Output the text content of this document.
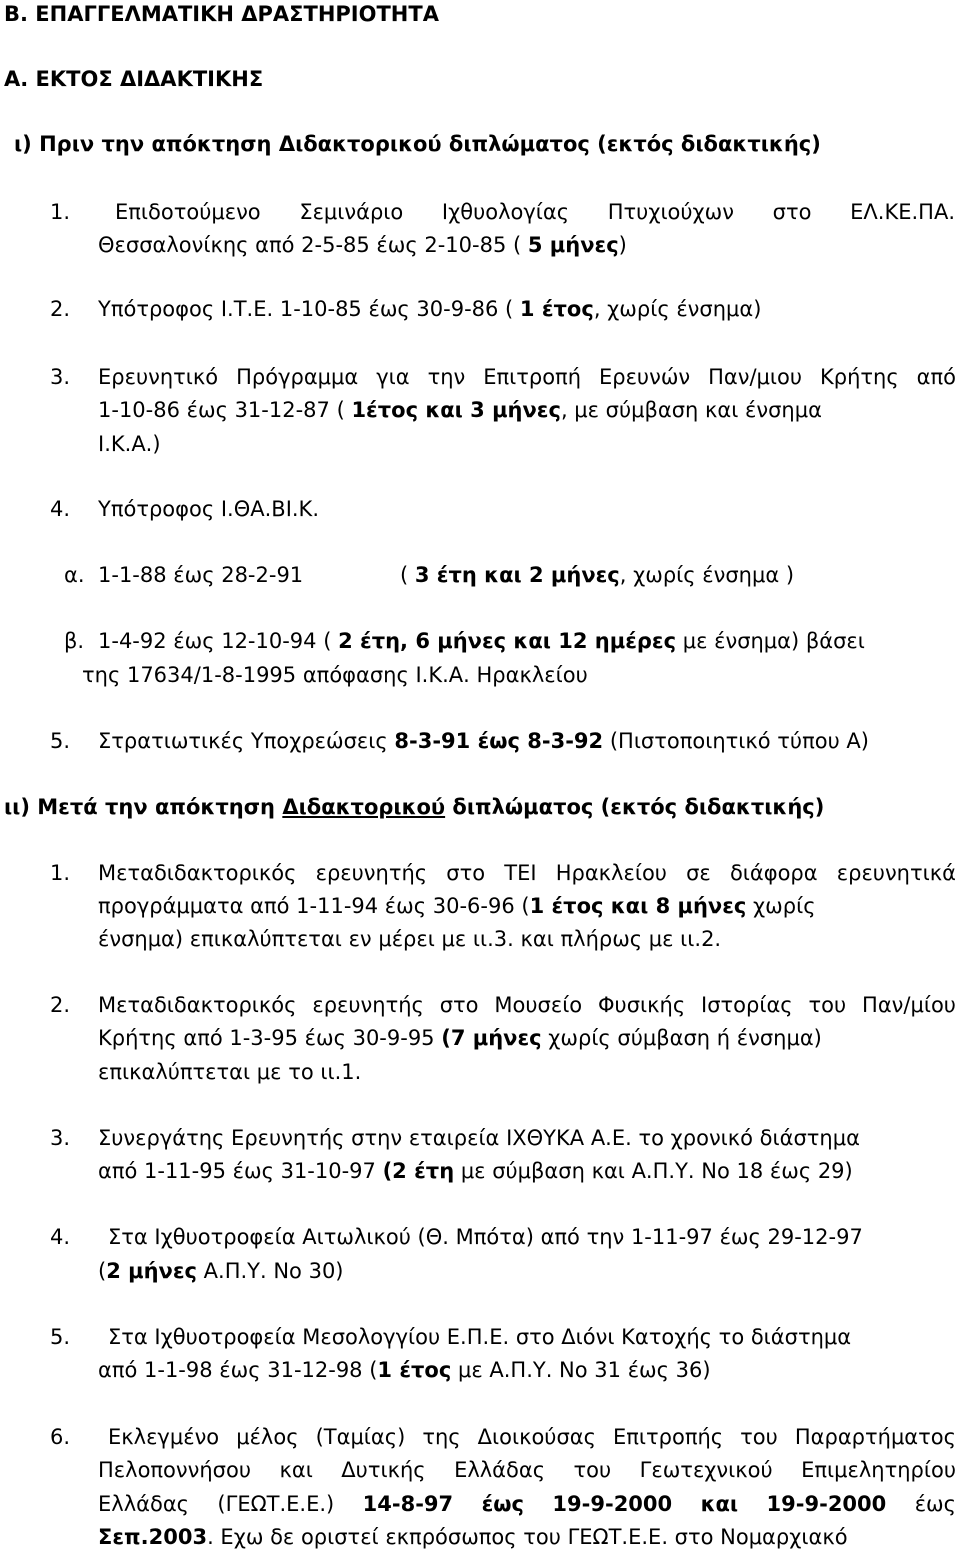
Β. ΕΠΑΓΓΕΛΜΑΤΙΚΗ ΔΡΑΣΤΗΡΙΟΤΗΤΑ
Α. ΕΚΤΟΣ ΔΙΔΑΚΤΙΚΗΣ
ι) Πριν την απόκτηση Διδακτορικού διπλώματος (εκτός διδακτικής)
1. Επιδοτούμενο Σεμινάριο Ιχθυολογίας Πτυχιούχων στο ΕΛ.ΚΕ.ΠΑ.
Θεσσαλονίκης από 2-5-85 έως 2-10-85 ( 5 μήνες)
2. Υπότροφος Ι.Τ.Ε. 1-10-85 έως 30-9-86 ( 1 έτος, χωρίς ένσημα)
3. Ερευνητικό Πρόγραμμα για την Επιτροπή Ερευνών Παν/μιου Κρήτης από
1-10-86 έως 31-12-87 ( 1έτος και 3 μήνες, με σύμβαση και ένσημα
Ι.Κ.Α.)
4. Υπότροφος Ι.ΘΑ.ΒΙ.Κ.
α. 1-1-88 έως 28-2-91	( 3 έτη και 2 μήνες, χωρίς ένσημα )
β. 1-4-92 έως 12-10-94 ( 2 έτη, 6 μήνες και 12 ημέρες με ένσημα) βάσει
της 17634/1-8-1995 απόφασης Ι.Κ.Α. Ηρακλείου
5. Στρατιωτικές Υποχρεώσεις 8-3-91 έως 8-3-92 (Πιστοποιητικό τύπου Α)
ιι) Μετά την απόκτηση Διδακτορικού διπλώματος (εκτός διδακτικής)
1. Μεταδιδακτορικός ερευνητής στο ΤΕΙ Ηρακλείου σε διάφορα ερευνητικά
προγράμματα από 1-11-94 έως 30-6-96 (1 έτος και 8 μήνες χωρίς
ένσημα) επικαλύπτεται εν μέρει με ιι.3. και πλήρως με ιι.2.
2. Μεταδιδακτορικός ερευνητής στο Μουσείο Φυσικής Ιστορίας του Παν/μίου
Κρήτης από 1-3-95 έως 30-9-95 (7 μήνες χωρίς σύμβαση ή ένσημα)
επικαλύπτεται με το ιι.1.
3. Συνεργάτης Ερευνητής στην εταιρεία ΙΧΘΥΚΑ Α.Ε. το χρονικό διάστημα
από 1-11-95 έως 31-10-97 (2 έτη με σύμβαση και Α.Π.Υ. Νο 18 έως 29)
4. Στα Ιχθυοτροφεία Αιτωλικού (Θ. Μπότα) από την 1-11-97 έως 29-12-97
(2 μήνες Α.Π.Υ. Νο 30)
5. Στα Ιχθυοτροφεία Μεσολογγίου Ε.Π.Ε. στο Διόνι Κατοχής το διάστημα
από 1-1-98 έως 31-12-98 (1 έτος με Α.Π.Υ. Νο 31 έως 36)
6. Εκλεγμένο μέλος (Ταμίας) της Διοικούσας Επιτροπής του Παραρτήματος
Πελοποννήσου και Δυτικής Ελλάδας του Γεωτεχνικού Επιμελητηρίου
Ελλάδας (ΓΕΩΤ.Ε.Ε.) 14-8-97 έως 19-9-2000 και 19-9-2000 έως
Σεπ.2003. Εχω δε οριστεί εκπρόσωπος του ΓΕΩΤ.Ε.Ε. στο Νομαρχιακό
